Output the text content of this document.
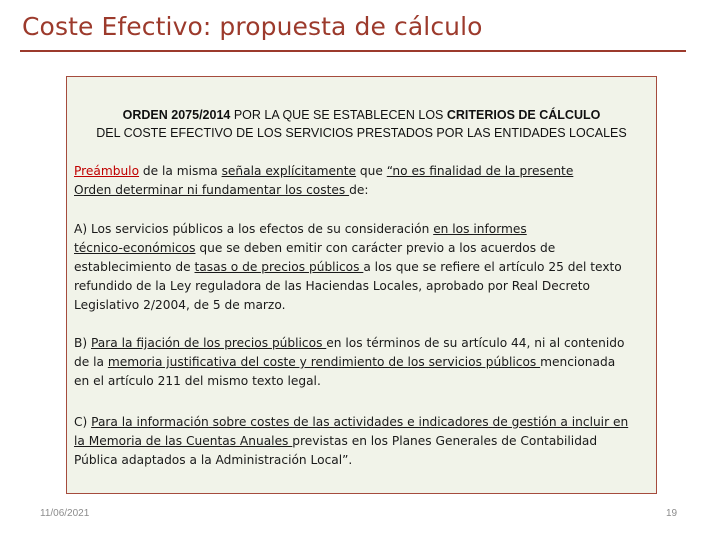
Coste Efectivo: propuesta de cálculo
ORDEN 2075/2014 POR LA QUE SE ESTABLECEN LOS CRITERIOS DE CÁLCULO
DEL COSTE EFECTIVO DE LOS SERVICIOS PRESTADOS POR LAS ENTIDADES LOCALES
Preámbulo de la misma señala explícitamente que “no es finalidad de la presente
Orden determinar ni fundamentar los costes de:
A) Los servicios públicos a los efectos de su consideración en los informes
técnico-económicos que se deben emitir con carácter previo a los acuerdos de
establecimiento de tasas o de precios públicos a los que se refiere el artículo 25 del texto
refundido de la Ley reguladora de las Haciendas Locales, aprobado por Real Decreto
Legislativo 2/2004, de 5 de marzo.
B) Para la fijación de los precios públicos en los términos de su artículo 44, ni al contenido
de la memoria justificativa del coste y rendimiento de los servicios públicos mencionada
en el artículo 211 del mismo texto legal.
C) Para la información sobre costes de las actividades e indicadores de gestión a incluir en
la Memoria de las Cuentas Anuales previstas en los Planes Generales de Contabilidad
Pública adaptados a la Administración Local”.
11/06/2021	19
